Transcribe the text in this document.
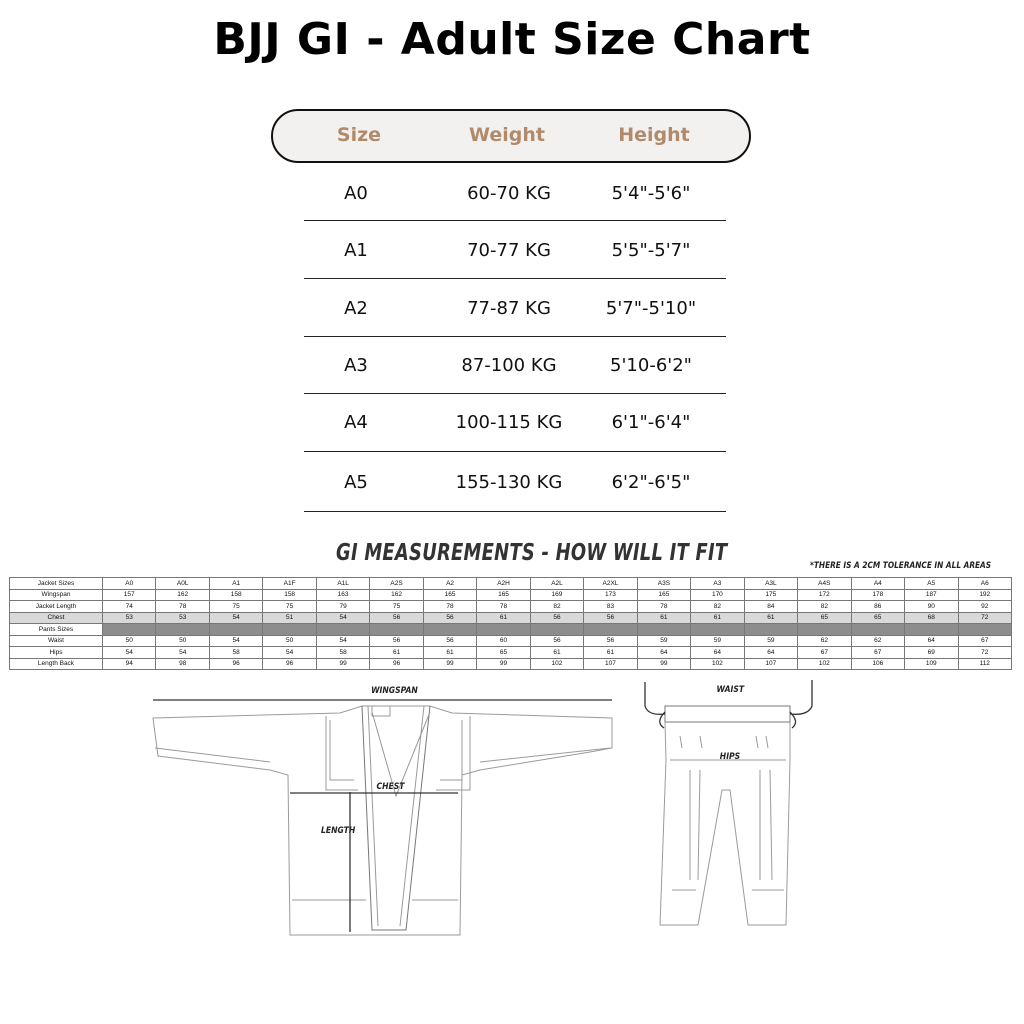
BJJ GI - Adult Size Chart
Size	Weight	Height
A0	60-70 KG	5'4"-5'6"
A1	70-77 KG	5'5"-5'7"
A2	77-87 KG	5'7"-5'10"
A3	87-100 KG	5'10-6'2"
A4	100-115 KG	6'1"-6'4"
A5	155-130 KG	6'2"-6'5"
GI MEASUREMENTS - HOW WILL IT FIT	*THERE IS A 2CM TOLERANCE IN ALL AREAS
Jacket Sizes	A0	A0L	A1	A1F	A1L	A2S	A2	A2H	A2L	A2XL	A3S	A3	A3L	A4S	A4	A5	A6
Wingspan	157	162	158	158	163	162	165	165	169	173	165	170	175	172	178	187	192
Jacket Length	74	78	75	75	79	75	78	78	82	83	78	82	84	82	86	90	92
Chest	53	53	54	51	54	56	56	61	56	56	61	61	61	65	65	68	72
Pants Sizes																	
Waist	50	50	54	50	54	56	56	60	56	56	59	59	59	62	62	64	67
Hips	54	54	58	54	58	61	61	65	61	61	64	64	64	67	67	69	72
Length Back	94	98	96	96	99	96	99	99	102	107	99	102	107	102	106	109	112
WINGSPAN
CHEST
LENGTH
WAIST
HIPS
